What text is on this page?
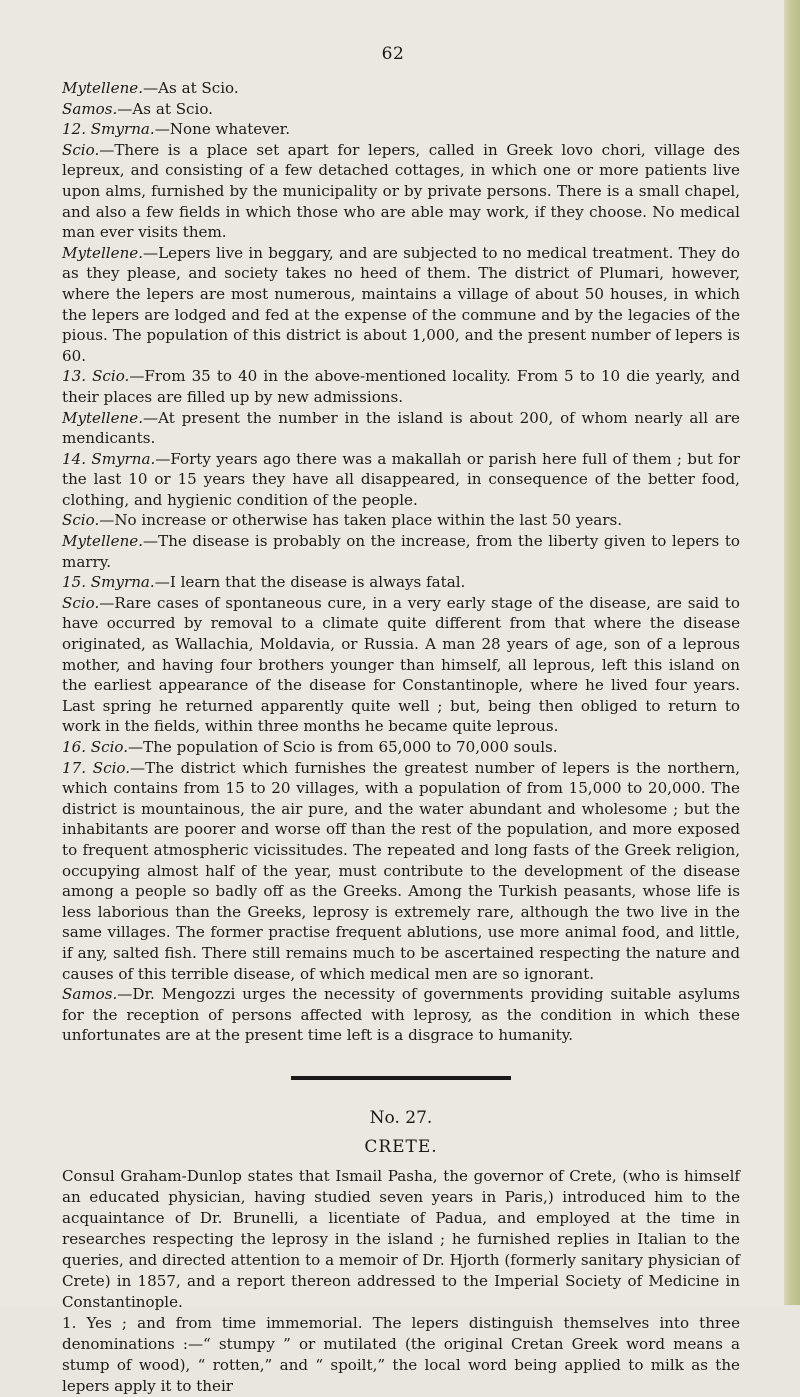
62

Mytellene.—As at Scio.

Samos.—As at Scio.

12. Smyrna.—None whatever.

Scio.—There is a place set apart for lepers, called in Greek lovo chori, village des lepreux, and consisting of a few detached cottages, in which one or more patients live upon alms, furnished by the municipality or by private persons. There is a small chapel, and also a few fields in which those who are able may work, if they choose. No medical man ever visits them.

Mytellene.—Lepers live in beggary, and are subjected to no medical treatment. They do as they please, and society takes no heed of them. The district of Plumari, however, where the lepers are most numerous, maintains a village of about 50 houses, in which the lepers are lodged and fed at the expense of the commune and by the legacies of the pious. The population of this district is about 1,000, and the present number of lepers is 60.

13. Scio.—From 35 to 40 in the above-mentioned locality. From 5 to 10 die yearly, and their places are filled up by new admissions.

Mytellene.—At present the number in the island is about 200, of whom nearly all are mendicants.

14. Smyrna.—Forty years ago there was a makallah or parish here full of them ; but for the last 10 or 15 years they have all disappeared, in consequence of the better food, clothing, and hygienic condition of the people.

Scio.—No increase or otherwise has taken place within the last 50 years.

Mytellene.—The disease is probably on the increase, from the liberty given to lepers to marry.

15. Smyrna.—I learn that the disease is always fatal.

Scio.—Rare cases of spontaneous cure, in a very early stage of the disease, are said to have occurred by removal to a climate quite different from that where the disease originated, as Wallachia, Moldavia, or Russia. A man 28 years of age, son of a leprous mother, and having four brothers younger than himself, all leprous, left this island on the earliest appearance of the disease for Constantinople, where he lived four years. Last spring he returned apparently quite well ; but, being then obliged to return to work in the fields, within three months he became quite leprous.

16. Scio.—The population of Scio is from 65,000 to 70,000 souls.

17. Scio.—The district which furnishes the greatest number of lepers is the northern, which contains from 15 to 20 villages, with a population of from 15,000 to 20,000. The district is mountainous, the air pure, and the water abundant and wholesome ; but the inhabitants are poorer and worse off than the rest of the population, and more exposed to frequent atmospheric vicissitudes. The repeated and long fasts of the Greek religion, occupying almost half of the year, must contribute to the development of the disease among a people so badly off as the Greeks. Among the Turkish peasants, whose life is less laborious than the Greeks, leprosy is extremely rare, although the two live in the same villages. The former practise frequent ablutions, use more animal food, and little, if any, salted fish. There still remains much to be ascertained respecting the nature and causes of this terrible disease, of which medical men are so ignorant.

Samos.—Dr. Mengozzi urges the necessity of governments providing suitable asylums for the reception of persons affected with leprosy, as the condition in which these unfortunates are at the present time left is a disgrace to humanity.

No. 27.

CRETE.

Consul Graham-Dunlop states that Ismail Pasha, the governor of Crete, (who is himself an educated physician, having studied seven years in Paris,) introduced him to the acquaintance of Dr. Brunelli, a licentiate of Padua, and employed at the time in researches respecting the leprosy in the island ; he furnished replies in Italian to the queries, and directed attention to a memoir of Dr. Hjorth (formerly sanitary physician of Crete) in 1857, and a report thereon addressed to the Imperial Society of Medicine in Constantinople.

1. Yes ; and from time immemorial. The lepers distinguish themselves into three denominations :—“ stumpy ” or mutilated (the original Cretan Greek word means a stump of wood), “ rotten,” and “ spoilt,” the local word being applied to milk as the lepers apply it to their
